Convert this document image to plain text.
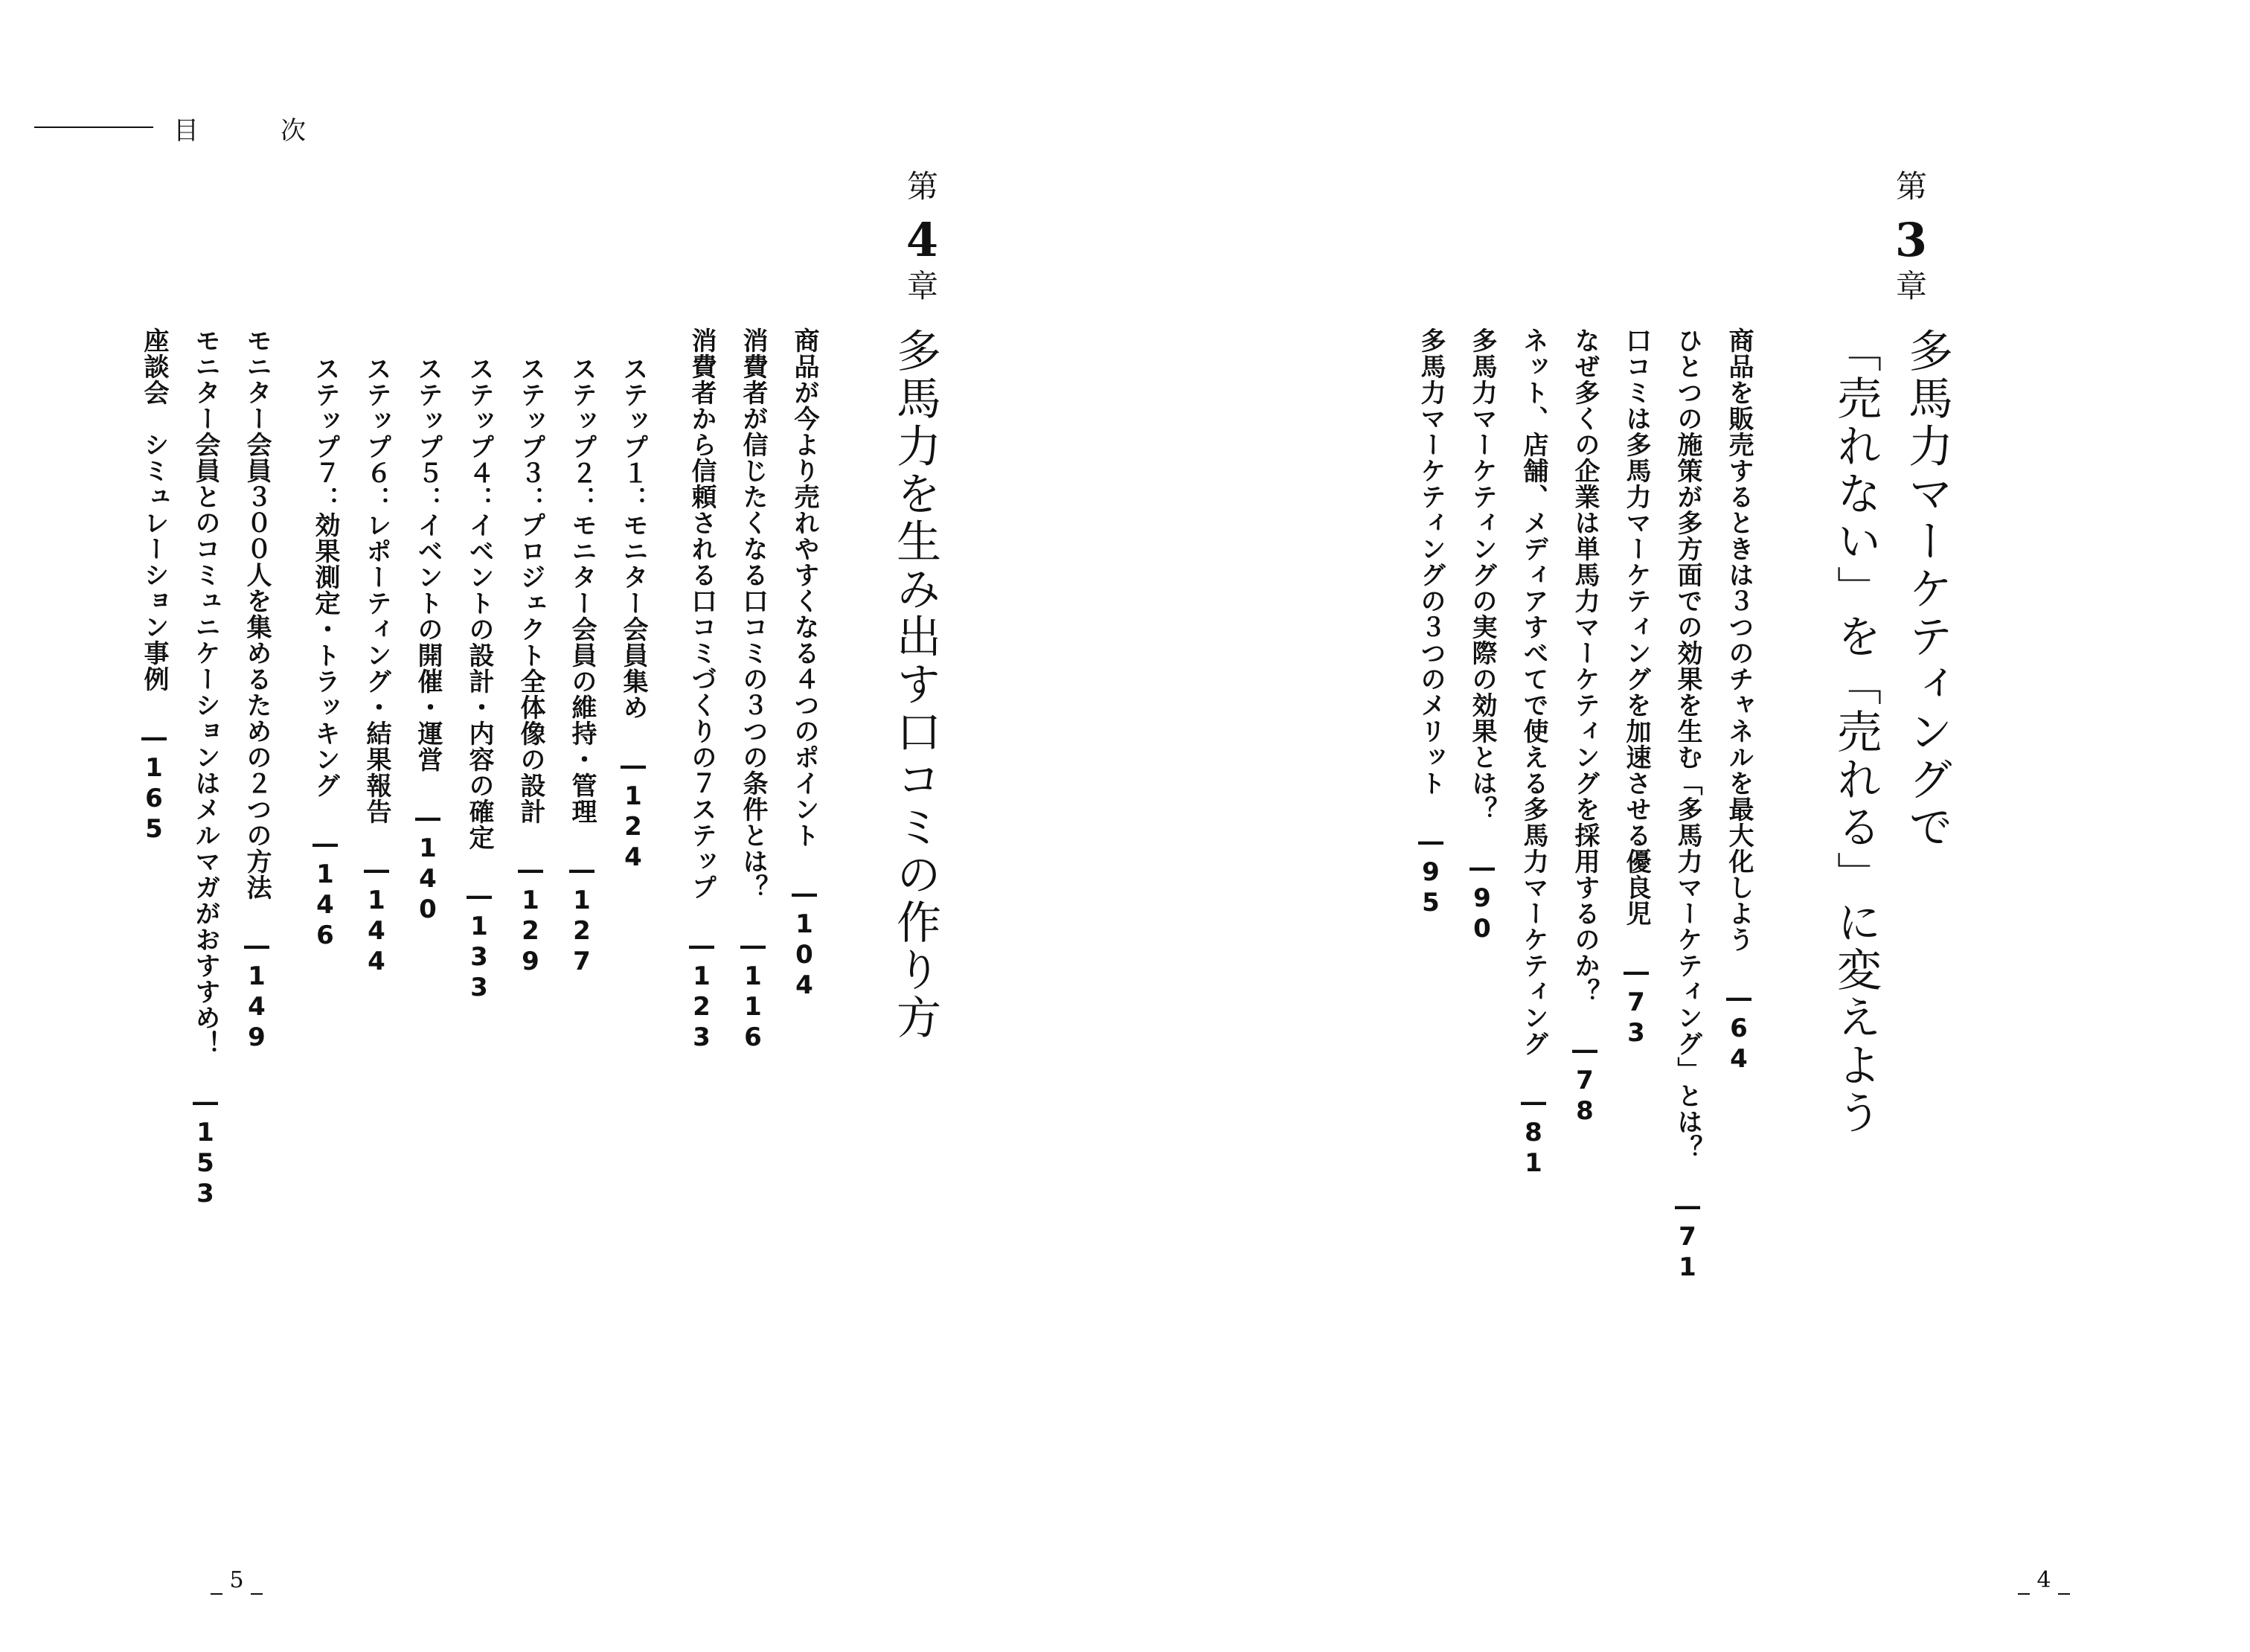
目　次
第
3
章
多馬力マーケティングで
「売れない」を「売れる」に変えよう
商品を販売するときは３つのチャネルを最大化しよう ―64
ひとつの施策が多方面での効果を生む「多馬力マーケティング」とは？ ―71
口コミは多馬力マーケティングを加速させる優良児 ―73
なぜ多くの企業は単馬力マーケティングを採用するのか？ ―78
ネット、店舗、メディアすべてで使える多馬力マーケティング ―81
多馬力マーケティングの実際の効果とは？ ―90
多馬力マーケティングの３つのメリット ―95
第
4
章
多馬力を生み出す口コミの作り方
商品が今より売れやすくなる４つのポイント ―104
消費者が信じたくなる口コミの３つの条件とは？ ―116
消費者から信頼される口コミづくりの７ステップ ―123
ステップ１：モニター会員集め ―124
ステップ２：モニター会員の維持・管理 ―127
ステップ３：プロジェクト全体像の設計 ―129
ステップ４：イベントの設計・内容の確定 ―133
ステップ５：イベントの開催・運営 ―140
ステップ６：レポーティング・結果報告 ―144
ステップ７：効果測定・トラッキング ―146
モニター会員３００人を集めるための２つの方法 ―149
モニター会員とのコミュニケーションはメルマガがおすすめ！ ―153
座談会　シミュレーション事例 ―165
5	4
